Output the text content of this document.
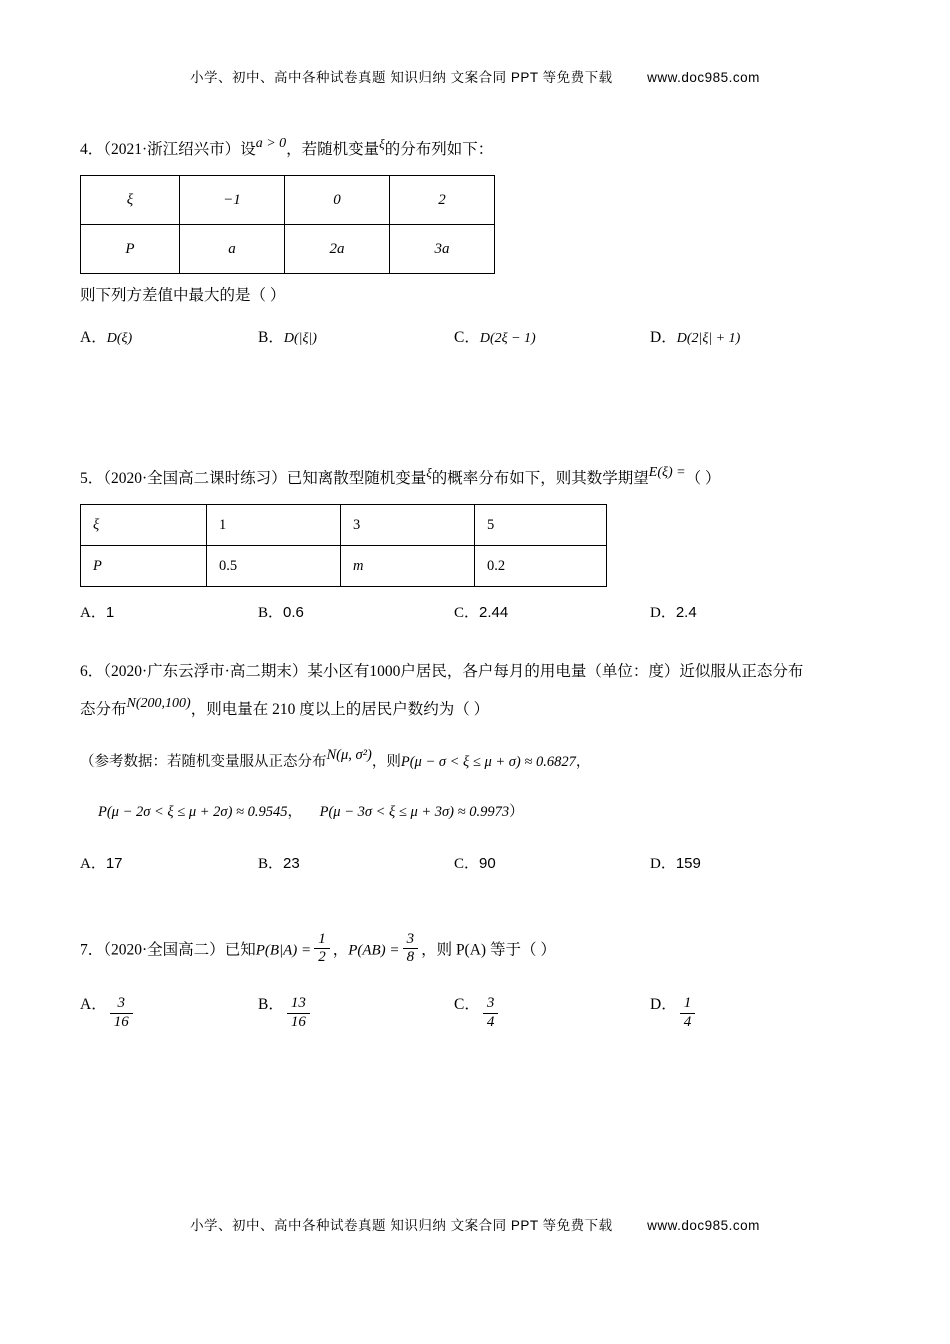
小学、初中、高中各种试卷真题 知识归纳 文案合同 PPT 等免费下载	www.doc985.com
4．（2021·浙江绍兴市）设a > 0，若随机变量ξ的分布列如下：
ξ	−1	0	2
P	a	2a	3a
则下列方差值中最大的是（ ）
A． D(ξ)	B． D(|ξ|)	C． D(2ξ − 1)	D． D(2|ξ| + 1)
5．（2020·全国高二课时练习）已知离散型随机变量ξ的概率分布如下，则其数学期望E(ξ) =（ ）
ξ	1	3	5
P	0.5	m	0.2
A． 1	B． 0.6	C． 2.44	D． 2.4
6．（2020·广东云浮市·高二期末）某小区有1000户居民，各户每月的用电量（单位：度）近似服从正态分布
态分布N(200,100)，则电量在 210 度以上的居民户数约为（ ）
（参考数据：若随机变量服从正态分布N(μ, σ²)，则P(μ − σ < ξ ≤ μ + σ) ≈ 0.6827，
P(μ − 2σ < ξ ≤ μ + 2σ) ≈ 0.9545， P(μ − 3σ < ξ ≤ μ + 3σ) ≈ 0.9973）
A． 17	B． 23	C． 90	D． 159
7．（2020·全国高二）已知$P(B|A) = \frac{1}{2}$ ，$P(AB) = \frac{3}{8}$ ，则 P(A) 等于（ ）
A． $\frac{3}{16}$	B． $\frac{13}{16}$	C． $\frac{3}{4}$	D． $\frac{1}{4}$
小学、初中、高中各种试卷真题 知识归纳 文案合同 PPT 等免费下载	www.doc985.com
